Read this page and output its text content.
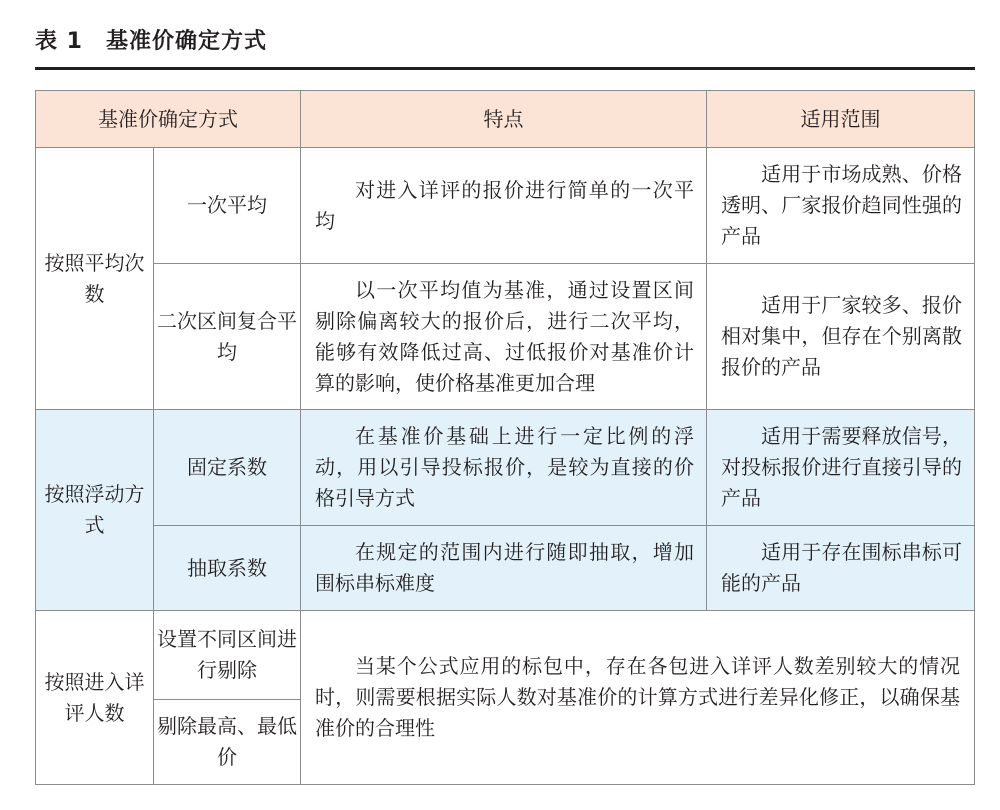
表 1　基准价确定方式
基准价确定方式		特点	适用范围
按照平均次数	一次平均	对进入详评的报价进行简单的一次平均	适用于市场成熟、价格透明、厂家报价趋同性强的产品
	二次区间复合平均	以一次平均值为基准，通过设置区间剔除偏离较大的报价后，进行二次平均，能够有效降低过高、过低报价对基准价计算的影响，使价格基准更加合理	适用于厂家较多、报价相对集中，但存在个别离散报价的产品
按照浮动方式	固定系数	在基准价基础上进行一定比例的浮动，用以引导投标报价，是较为直接的价格引导方式	适用于需要释放信号，对投标报价进行直接引导的产品
	抽取系数	在规定的范围内进行随即抽取，增加围标串标难度	适用于存在围标串标可能的产品
按照进入详评人数	设置不同区间进行剔除	当某个公式应用的标包中，存在各包进入详评人数差别较大的情况时，则需要根据实际人数对基准价的计算方式进行差异化修正，以确保基准价的合理性	
	剔除最高、最低价		
